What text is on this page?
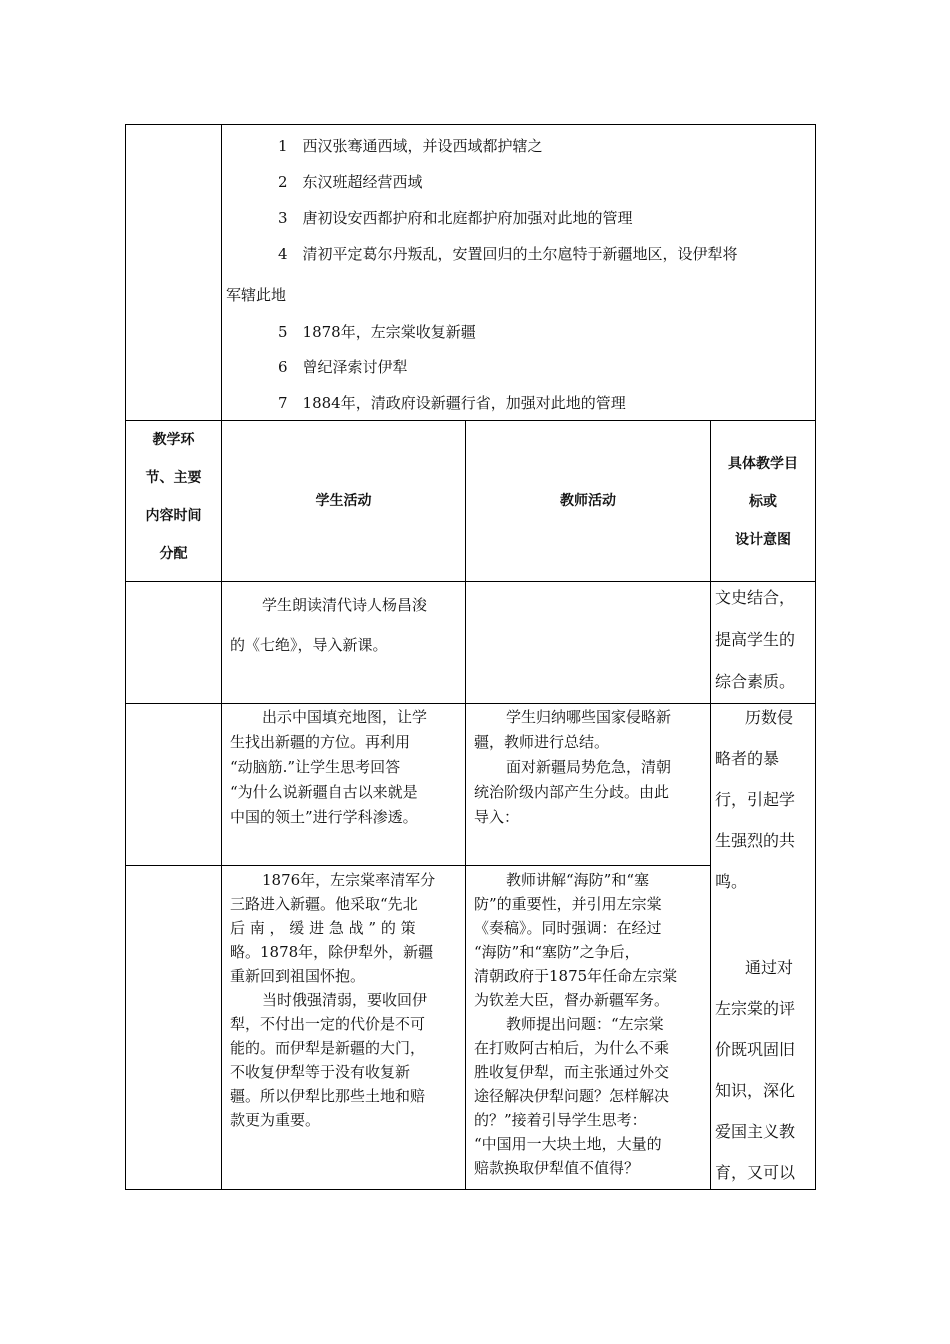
1　西汉张骞通西域，并设西域都护辖之
2　东汉班超经营西域
3　唐初设安西都护府和北庭都护府加强对此地的管理
4　清初平定葛尔丹叛乱，安置回归的土尔扈特于新疆地区，设伊犁将
军辖此地
5　1878年，左宗棠收复新疆
6　曾纪泽索讨伊犁
7　1884年，清政府设新疆行省，加强对此地的管理

教学环

节、主要

内容时间

分配

学生活动	教师活动

具体教学目

标或

设计意图

学生朗读清代诗人杨昌浚

的《七绝》，导入新课。

文史结合，

提高学生的

综合素质。

出示中国填充地图，让学

生找出新疆的方位。再利用

“动脑筋.”让学生思考回答

“为什么说新疆自古以来就是

中国的领土”进行学科渗透。

学生归纳哪些国家侵略新

疆，教师进行总结。

面对新疆局势危急，清朝

统治阶级内部产生分歧。由此

导入：

历数侵

略者的暴

行，引起学

生强烈的共

鸣。

通过对

左宗棠的评

价既巩固旧

知识，深化

爱国主义教

育，又可以

1876年，左宗棠率清军分

三路进入新疆。他采取“先北

后 南 ， 缓 进 急 战 ” 的 策

略。1878年，除伊犁外，新疆

重新回到祖国怀抱。

当时俄强清弱，要收回伊

犁，不付出一定的代价是不可

能的。而伊犁是新疆的大门，

不收复伊犁等于没有收复新

疆。所以伊犁比那些土地和赔

款更为重要。

教师讲解“海防”和“塞

防”的重要性，并引用左宗棠

《奏稿》。同时强调：在经过

“海防”和“塞防”之争后，

清朝政府于1875年任命左宗棠

为钦差大臣，督办新疆军务。

教师提出问题：“左宗棠

在打败阿古柏后，为什么不乘

胜收复伊犁，而主张通过外交

途径解决伊犁问题？怎样解决

的？”接着引导学生思考：

“中国用一大块土地，大量的

赔款换取伊犁值不值得？
